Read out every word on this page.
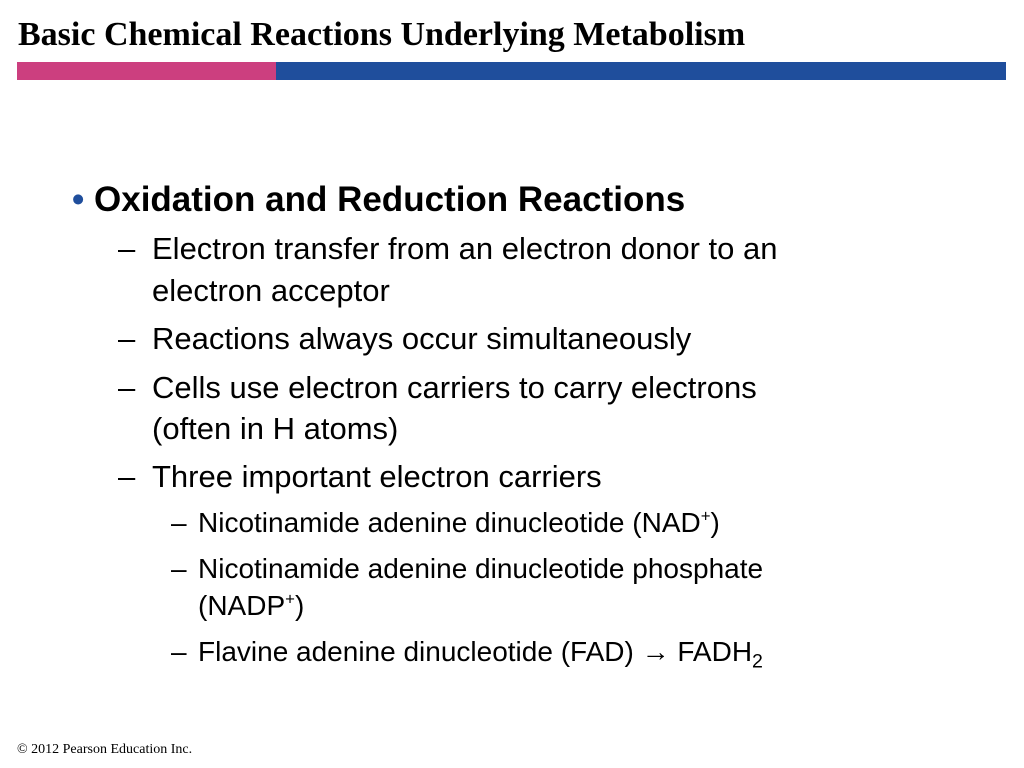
Basic Chemical Reactions Underlying Metabolism
• Oxidation and Reduction Reactions
– Electron transfer from an electron donor to an
electron acceptor
– Reactions always occur simultaneously
– Cells use electron carriers to carry electrons
(often in H atoms)
– Three important electron carriers
– Nicotinamide adenine dinucleotide (NAD+)
– Nicotinamide adenine dinucleotide phosphate
(NADP+)
– Flavine adenine dinucleotide $(FAD) \to FADH_2$
© 2012 Pearson Education Inc.
